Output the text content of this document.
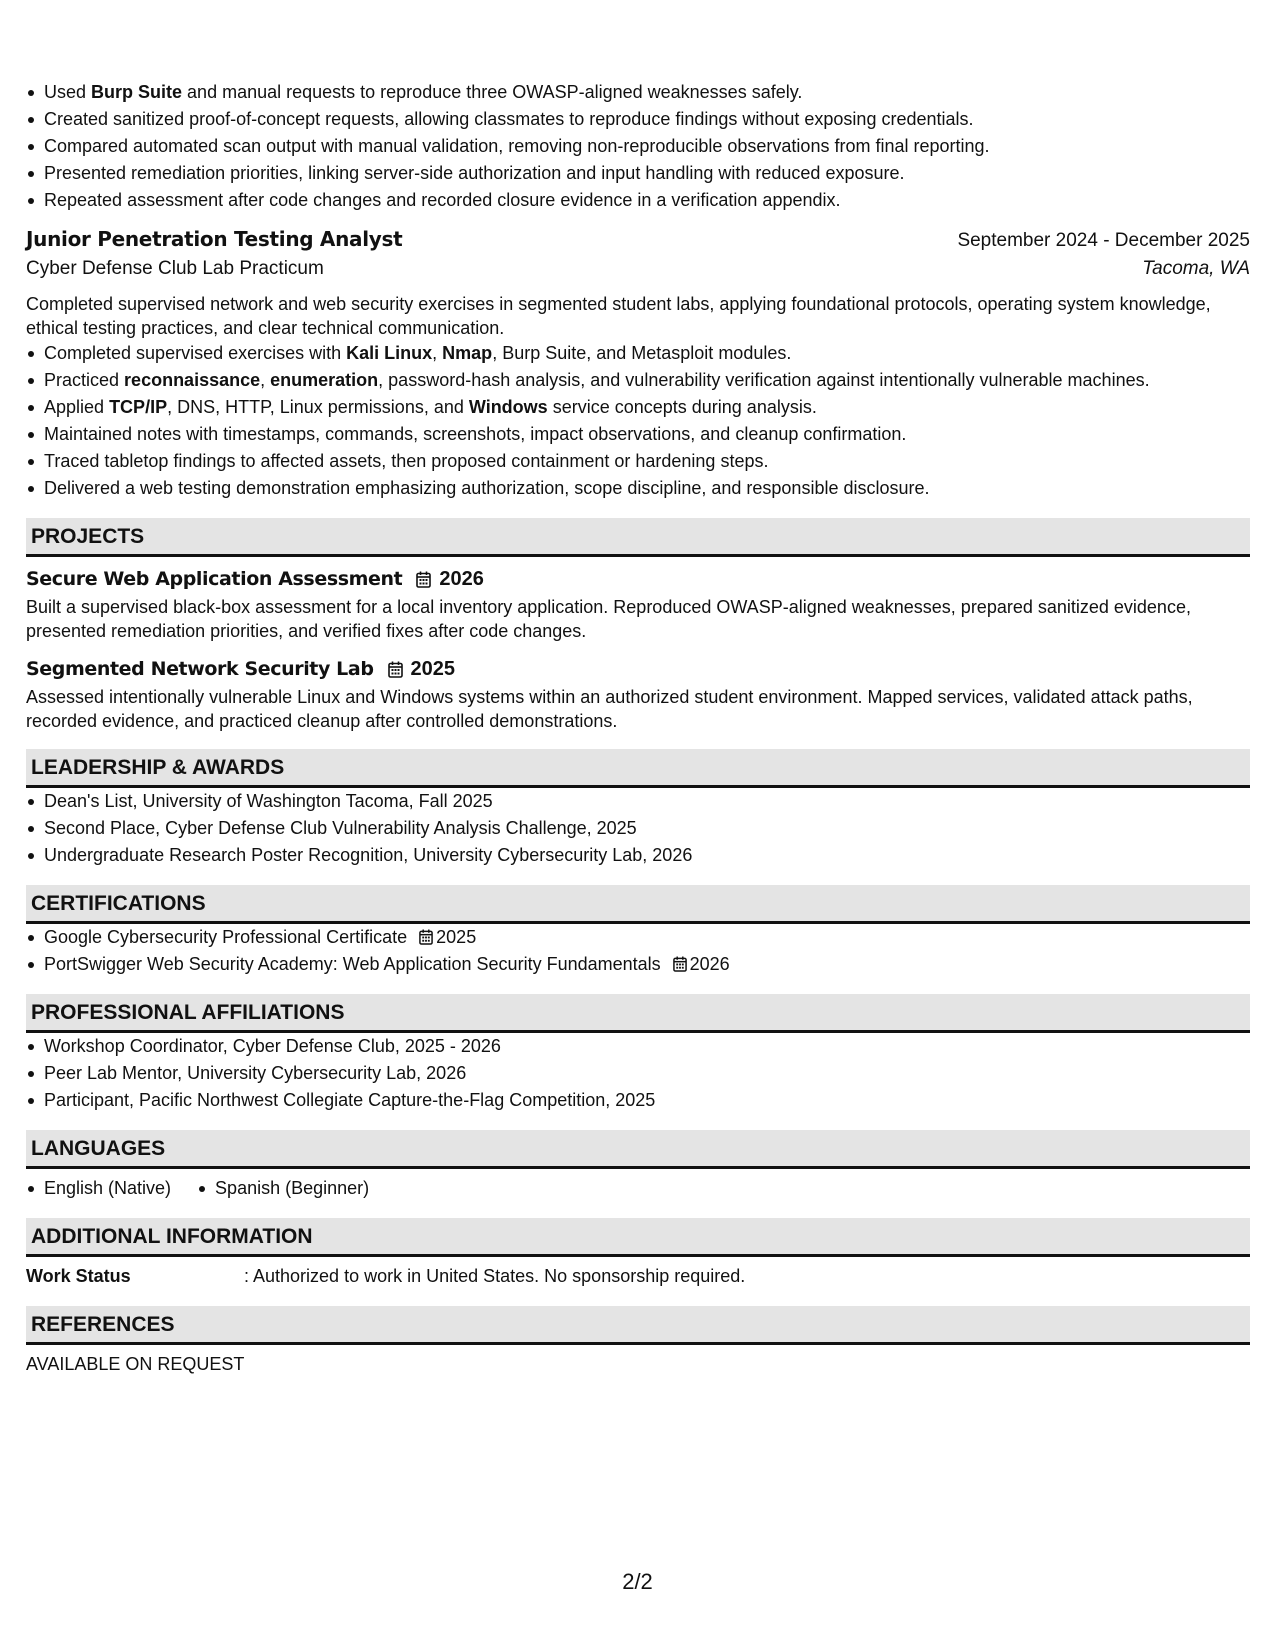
Used Burp Suite and manual requests to reproduce three OWASP-aligned weaknesses safely.
Created sanitized proof-of-concept requests, allowing classmates to reproduce findings without exposing credentials.
Compared automated scan output with manual validation, removing non-reproducible observations from final reporting.
Presented remediation priorities, linking server-side authorization and input handling with reduced exposure.
Repeated assessment after code changes and recorded closure evidence in a verification appendix.
Junior Penetration Testing Analyst	September 2024 - December 2025
Cyber Defense Club Lab Practicum	Tacoma, WA
Completed supervised network and web security exercises in segmented student labs, applying foundational protocols, operating system knowledge, ethical testing practices, and clear technical communication.
Completed supervised exercises with Kali Linux, Nmap, Burp Suite, and Metasploit modules.
Practiced reconnaissance, enumeration, password-hash analysis, and vulnerability verification against intentionally vulnerable machines.
Applied TCP/IP, DNS, HTTP, Linux permissions, and Windows service concepts during analysis.
Maintained notes with timestamps, commands, screenshots, impact observations, and cleanup confirmation.
Traced tabletop findings to affected assets, then proposed containment or hardening steps.
Delivered a web testing demonstration emphasizing authorization, scope discipline, and responsible disclosure.
PROJECTS
Secure Web Application Assessment 2026
Built a supervised black-box assessment for a local inventory application. Reproduced OWASP-aligned weaknesses, prepared sanitized evidence, presented remediation priorities, and verified fixes after code changes.
Segmented Network Security Lab 2025
Assessed intentionally vulnerable Linux and Windows systems within an authorized student environment. Mapped services, validated attack paths, recorded evidence, and practiced cleanup after controlled demonstrations.
LEADERSHIP & AWARDS
Dean's List, University of Washington Tacoma, Fall 2025
Second Place, Cyber Defense Club Vulnerability Analysis Challenge, 2025
Undergraduate Research Poster Recognition, University Cybersecurity Lab, 2026
CERTIFICATIONS
Google Cybersecurity Professional Certificate 2025
PortSwigger Web Security Academy: Web Application Security Fundamentals 2026
PROFESSIONAL AFFILIATIONS
Workshop Coordinator, Cyber Defense Club, 2025 - 2026
Peer Lab Mentor, University Cybersecurity Lab, 2026
Participant, Pacific Northwest Collegiate Capture-the-Flag Competition, 2025
LANGUAGES
English (Native) Spanish (Beginner)
ADDITIONAL INFORMATION
Work Status	: Authorized to work in United States. No sponsorship required.
REFERENCES
AVAILABLE ON REQUEST
2/2
